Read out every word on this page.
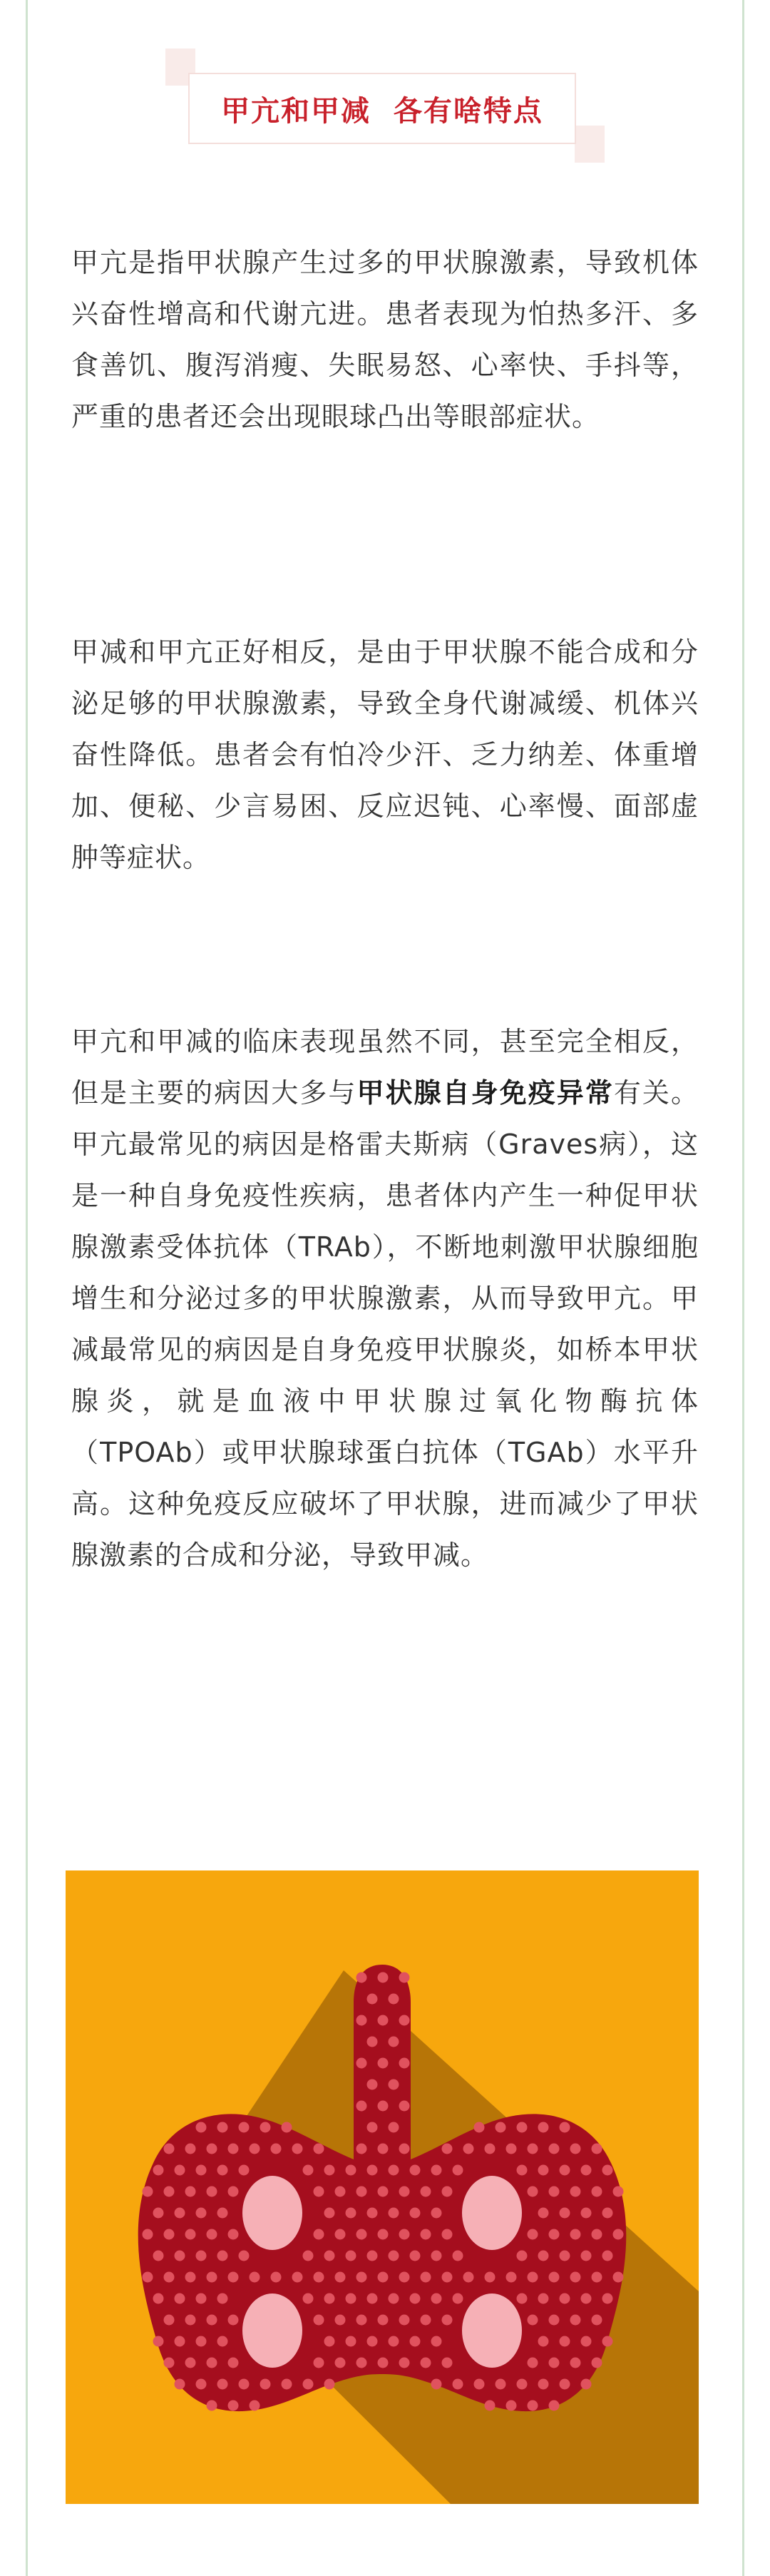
甲亢和甲减  各有啥特点

甲亢是指甲状腺产生过多的甲状腺激素，导致机体兴奋性增高和代谢亢进。患者表现为怕热多汗、多食善饥、腹泻消瘦、失眠易怒、心率快、手抖等，严重的患者还会出现眼球凸出等眼部症状。

甲减和甲亢正好相反，是由于甲状腺不能合成和分泌足够的甲状腺激素，导致全身代谢减缓、机体兴奋性降低。患者会有怕冷少汗、乏力纳差、体重增加、便秘、少言易困、反应迟钝、心率慢、面部虚肿等症状。

甲亢和甲减的临床表现虽然不同，甚至完全相反，但是主要的病因大多与甲状腺自身免疫异常有关。甲亢最常见的病因是格雷夫斯病（Graves病），这是一种自身免疫性疾病，患者体内产生一种促甲状腺激素受体抗体（TRAb），不断地刺激甲状腺细胞增生和分泌过多的甲状腺激素，从而导致甲亢。甲减最常见的病因是自身免疫甲状腺炎，如桥本甲状腺炎，就是血液中甲状腺过氧化物酶抗体（TPOAb）或甲状腺球蛋白抗体（TGAb）水平升高。这种免疫反应破坏了甲状腺，进而减少了甲状腺激素的合成和分泌，导致甲减。
